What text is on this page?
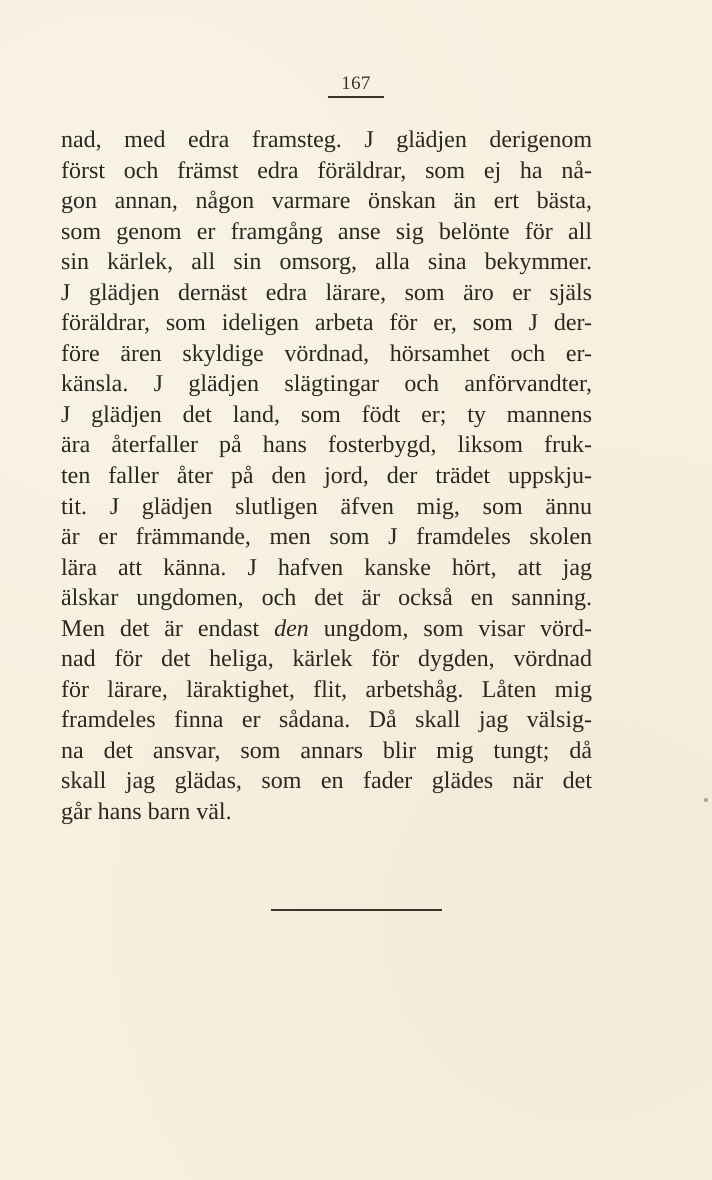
167
nad, med edra framsteg. J glädjen derigenom
först och främst edra föräldrar, som ej ha nå-
gon annan, någon varmare önskan än ert bästa,
som genom er framgång anse sig belönte för all
sin kärlek, all sin omsorg, alla sina bekymmer.
J glädjen dernäst edra lärare, som äro er själs
föräldrar, som ideligen arbeta för er, som J der-
före ären skyldige vördnad, hörsamhet och er-
känsla. J glädjen slägtingar och anförvandter,
J glädjen det land, som födt er; ty mannens
ära återfaller på hans fosterbygd, liksom fruk-
ten faller åter på den jord, der trädet uppskju-
tit. J glädjen slutligen äfven mig, som ännu
är er främmande, men som J framdeles skolen
lära att känna. J hafven kanske hört, att jag
älskar ungdomen, och det är också en sanning.
Men det är endast den ungdom, som visar vörd-
nad för det heliga, kärlek för dygden, vördnad
för lärare, läraktighet, flit, arbetshåg. Låten mig
framdeles finna er sådana. Då skall jag välsig-
na det ansvar, som annars blir mig tungt; då
skall jag glädas, som en fader glädes när det
går hans barn väl.
